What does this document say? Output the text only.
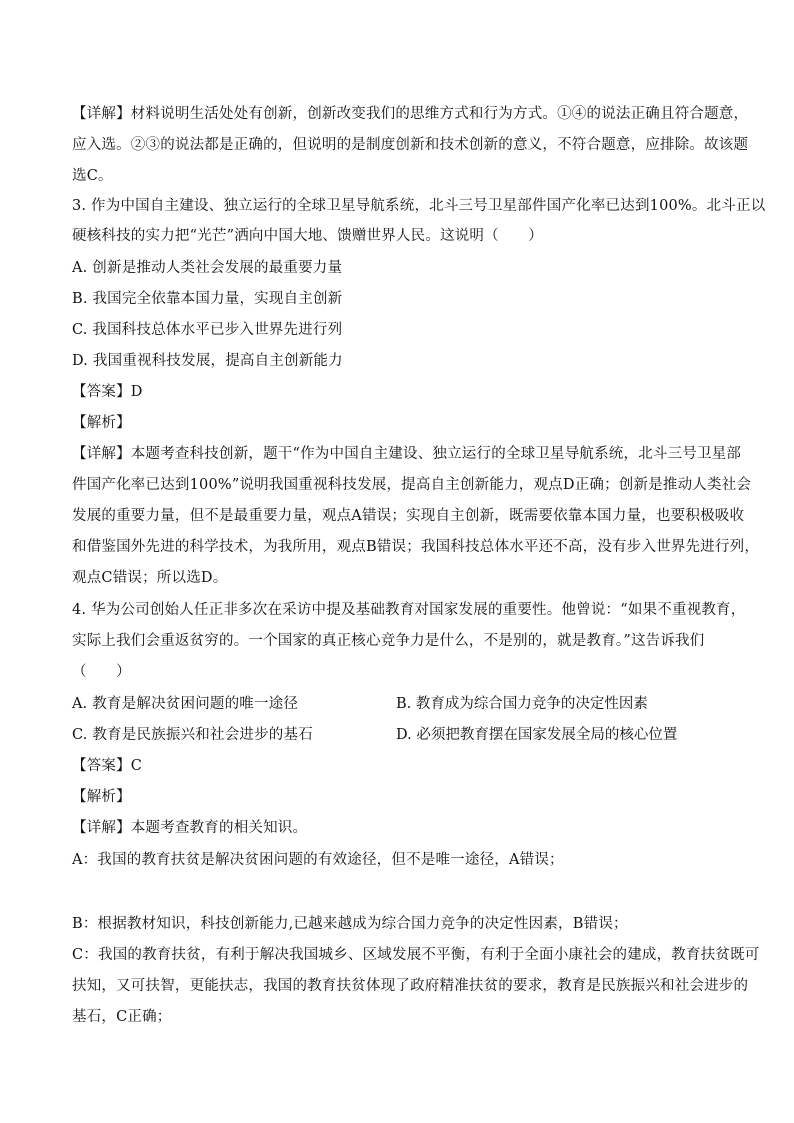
【详解】材料说明生活处处有创新，创新改变我们的思维方式和行为方式。①④的说法正确且符合题意，
应入选。②③的说法都是正确的，但说明的是制度创新和技术创新的意义，不符合题意，应排除。故该题
选C。
3. 作为中国自主建设、独立运行的全球卫星导航系统，北斗三号卫星部件国产化率已达到100%。北斗正以
硬核科技的实力把“光芒”洒向中国大地、馈赠世界人民。这说明（　　）
A. 创新是推动人类社会发展的最重要力量
B. 我国完全依靠本国力量，实现自主创新
C. 我国科技总体水平已步入世界先进行列
D. 我国重视科技发展，提高自主创新能力
【答案】D
【解析】
【详解】本题考查科技创新，题干“作为中国自主建设、独立运行的全球卫星导航系统，北斗三号卫星部
件国产化率已达到100%”说明我国重视科技发展，提高自主创新能力，观点D正确；创新是推动人类社会
发展的重要力量，但不是最重要力量，观点A错误；实现自主创新，既需要依靠本国力量，也要积极吸收
和借鉴国外先进的科学技术，为我所用，观点B错误；我国科技总体水平还不高，没有步入世界先进行列，
观点C错误；所以选D。
4. 华为公司创始人任正非多次在采访中提及基础教育对国家发展的重要性。他曾说：“如果不重视教育，
实际上我们会重返贫穷的。一个国家的真正核心竞争力是什么，不是别的，就是教育。”这告诉我们
（　　）
A. 教育是解决贫困问题的唯一途径	B. 教育成为综合国力竞争的决定性因素
C. 教育是民族振兴和社会进步的基石	D. 必须把教育摆在国家发展全局的核心位置
【答案】C
【解析】
【详解】本题考查教育的相关知识。
A：我国的教育扶贫是解决贫困问题的有效途径，但不是唯一途径，A错误；
B：根据教材知识，科技创新能力,已越来越成为综合国力竞争的决定性因素，B错误；
C：我国的教育扶贫，有利于解决我国城乡、区域发展不平衡，有利于全面小康社会的建成，教育扶贫既可
扶知，又可扶智，更能扶志，我国的教育扶贫体现了政府精准扶贫的要求，教育是民族振兴和社会进步的
基石，C正确；
